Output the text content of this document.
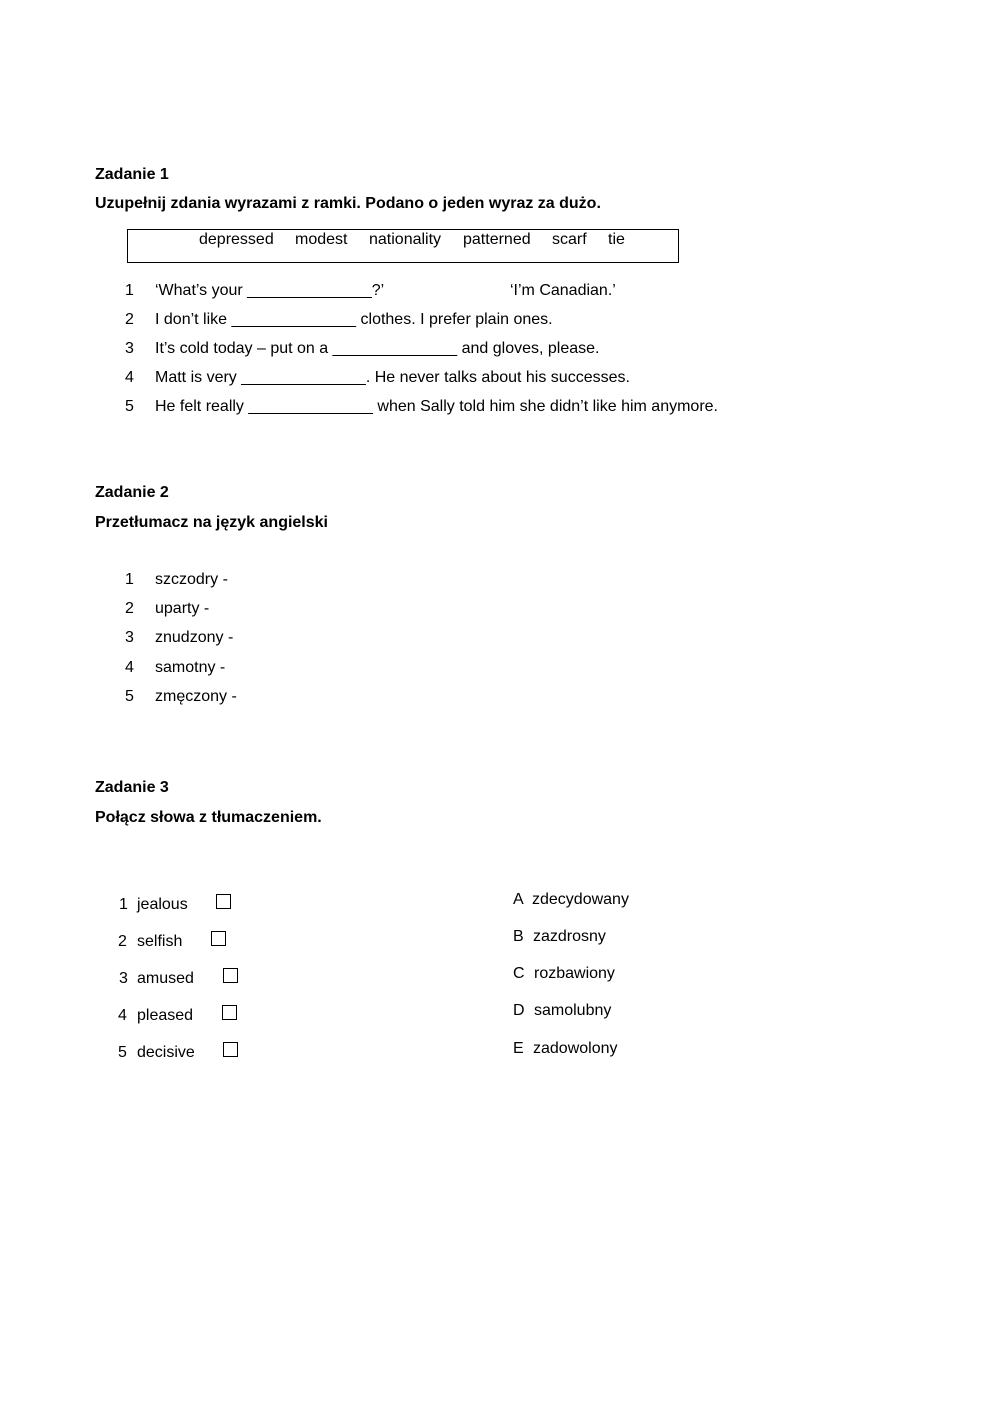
Zadanie 1
Uzupełnij zdania wyrazami z ramki. Podano o jeden wyraz za dużo.
depressed modest nationality patterned scarf tie
1 ‘What’s your ______________?’	‘I’m Canadian.’
2 I don’t like ______________ clothes. I prefer plain ones.
3 It’s cold today – put on a ______________ and gloves, please.
4 Matt is very ______________. He never talks about his successes.
5 He felt really ______________ when Sally told him she didn’t like him anymore.
Zadanie 2
Przetłumacz na język angielski
1 szczodry -
2 uparty -
3 znudzony -
4 samotny -
5 zmęczony -
Zadanie 3
Połącz słowa z tłumaczeniem.
1 jealous
2 selfish
3 amused
4 pleased
5 decisive
A zdecydowany
B zazdrosny
C rozbawiony
D samolubny
E zadowolony
